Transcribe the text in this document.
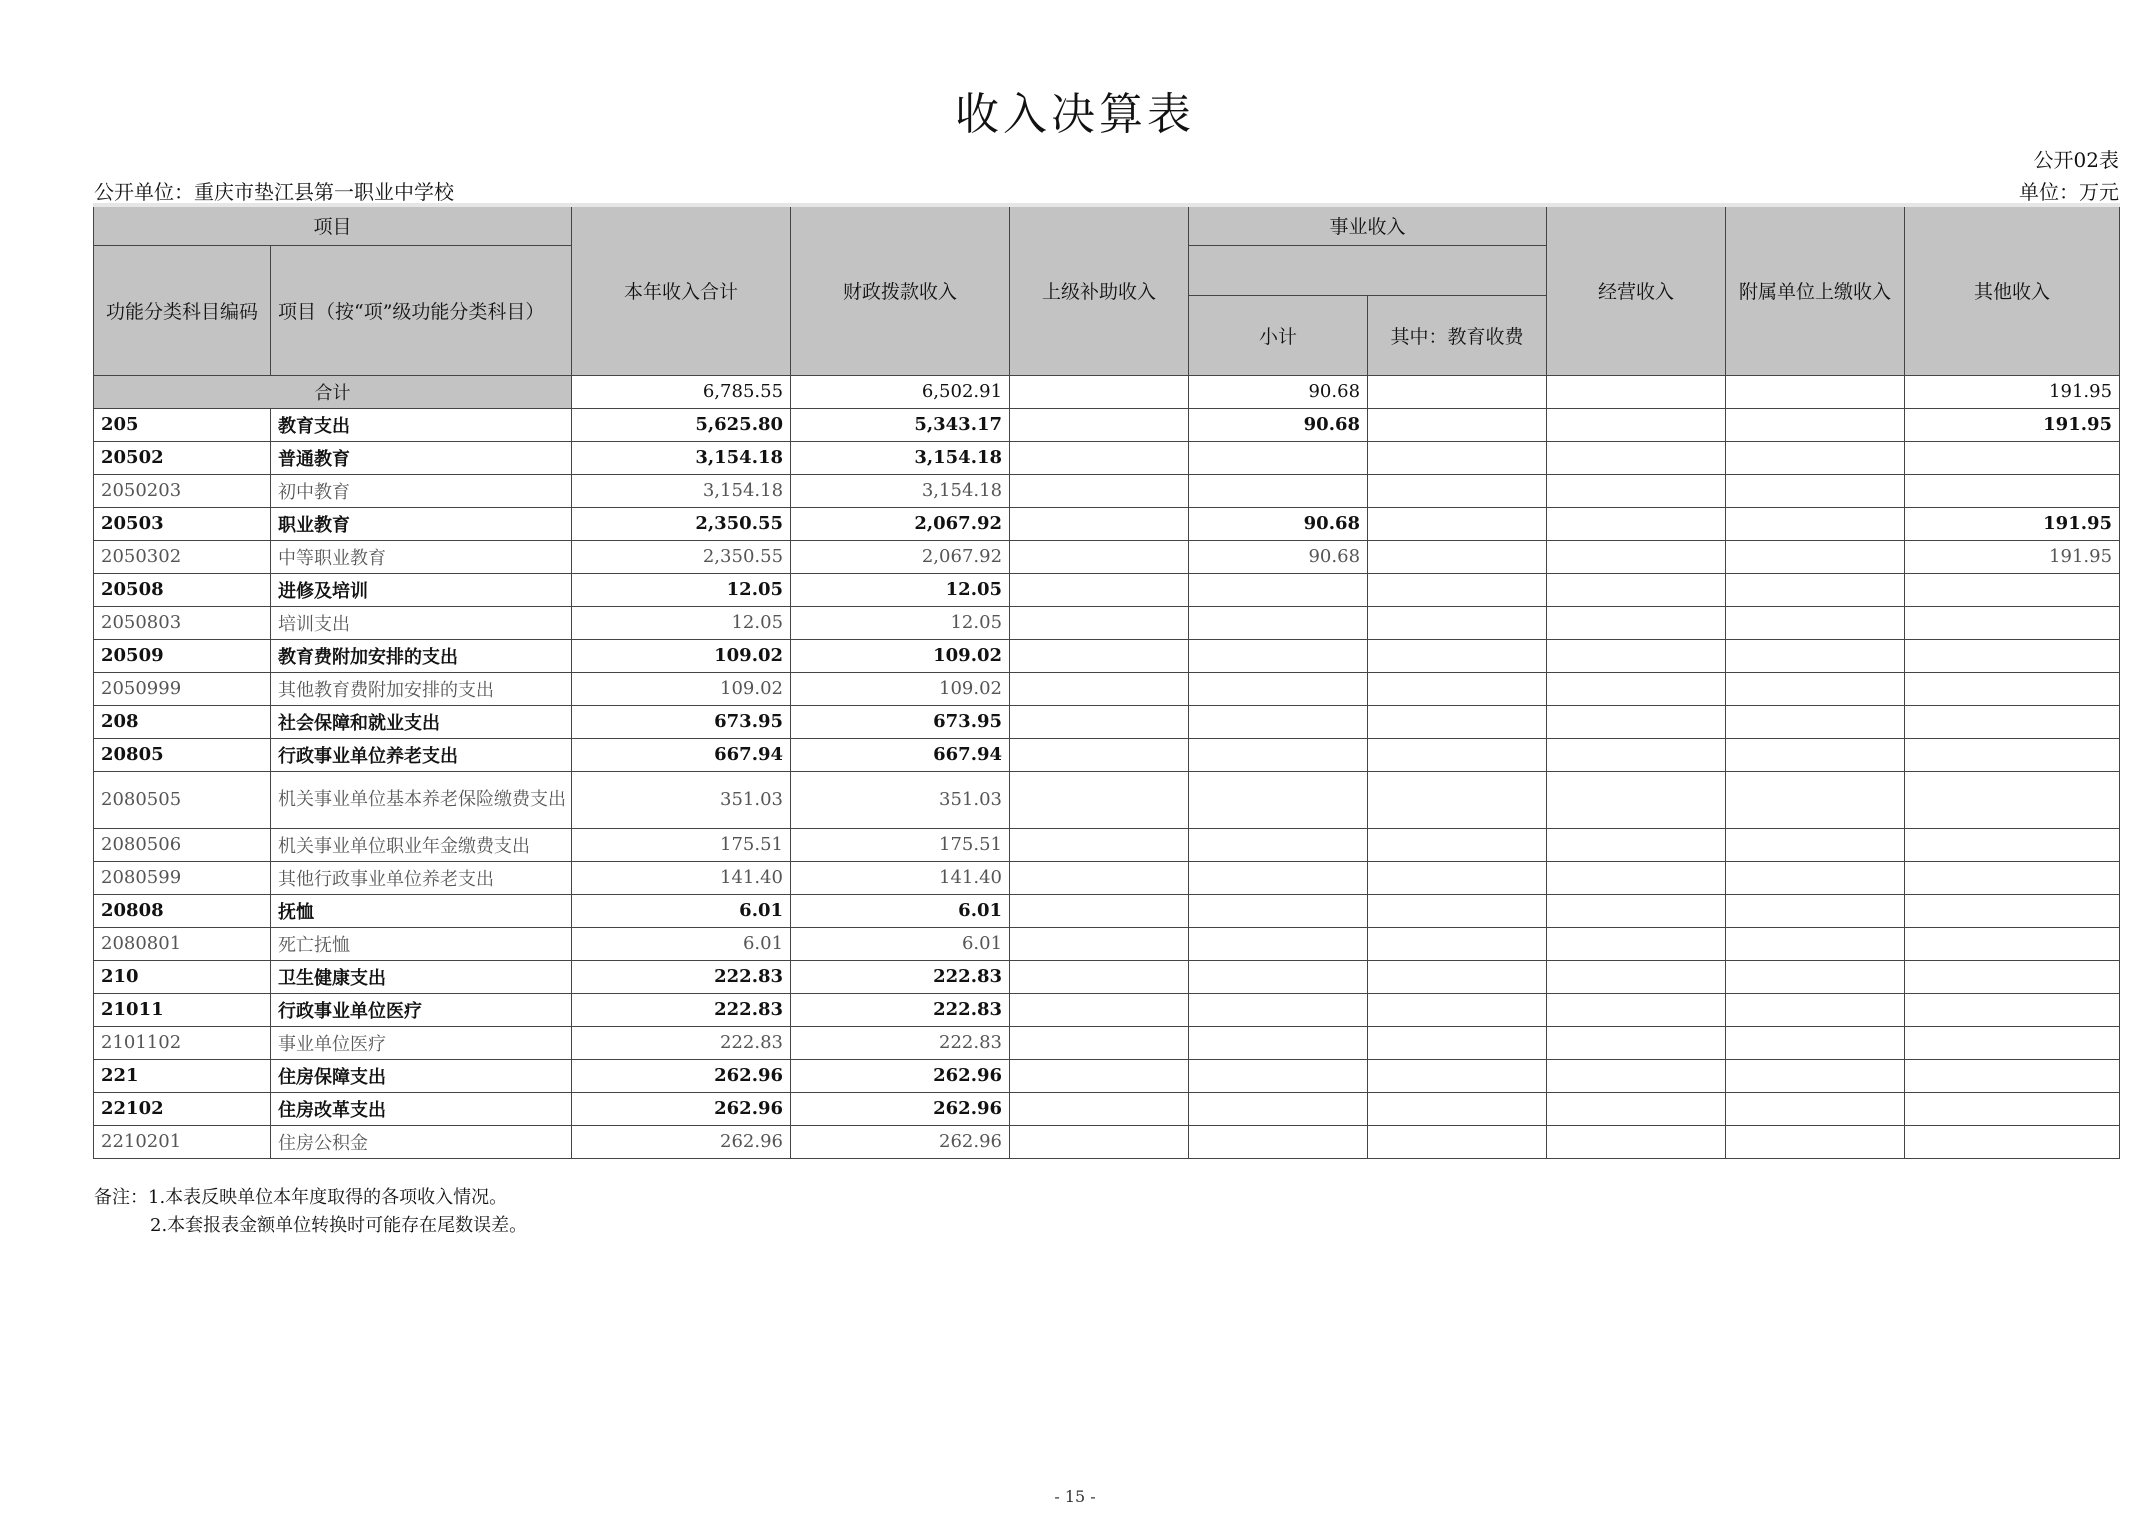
收入决算表
公开02表
公开单位：重庆市垫江县第一职业中学校	单位：万元
项目		本年收入合计	财政拨款收入	上级补助收入	事业收入		经营收入	附属单位上缴收入	其他收入
功能分类科目编码	项目（按“项”级功能分类科目）								
					小计	其中：教育收费			
合计		6,785.55	6,502.91		90.68				191.95
205	教育支出	5,625.80	5,343.17		90.68				191.95
20502	普通教育	3,154.18	3,154.18						
2050203	初中教育	3,154.18	3,154.18						
20503	职业教育	2,350.55	2,067.92		90.68				191.95
2050302	中等职业教育	2,350.55	2,067.92		90.68				191.95
20508	进修及培训	12.05	12.05						
2050803	培训支出	12.05	12.05						
20509	教育费附加安排的支出	109.02	109.02						
2050999	其他教育费附加安排的支出	109.02	109.02						
208	社会保障和就业支出	673.95	673.95						
20805	行政事业单位养老支出	667.94	667.94						
2080505	机关事业单位基本养老保险缴费支出	351.03	351.03						
2080506	机关事业单位职业年金缴费支出	175.51	175.51						
2080599	其他行政事业单位养老支出	141.40	141.40						
20808	抚恤	6.01	6.01						
2080801	死亡抚恤	6.01	6.01						
210	卫生健康支出	222.83	222.83						
21011	行政事业单位医疗	222.83	222.83						
2101102	事业单位医疗	222.83	222.83						
221	住房保障支出	262.96	262.96						
22102	住房改革支出	262.96	262.96						
2210201	住房公积金	262.96	262.96						
备注：1.本表反映单位本年度取得的各项收入情况。
2.本套报表金额单位转换时可能存在尾数误差。
- 15 -
